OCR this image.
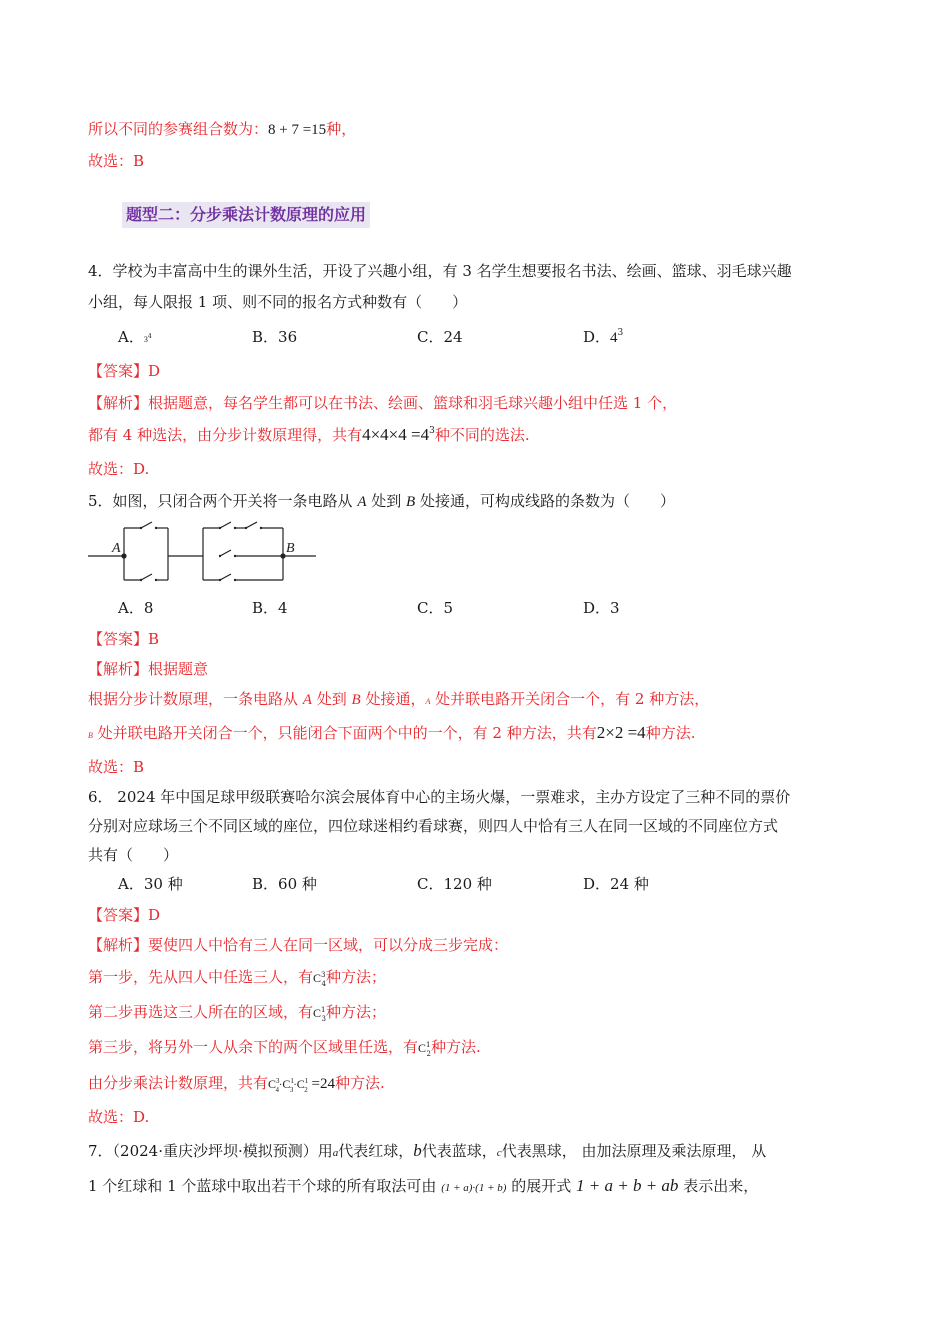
所以不同的参赛组合数为：8 + 7 =15种，
故选：B
题型二：分步乘法计数原理的应用
4．学校为丰富高中生的课外生活，开设了兴趣小组，有 3 名学生想要报名书法、绘画、篮球、羽毛球兴趣
小组，每人限报 1 项、则不同的报名方式种数有（　　）
A．$3^4$	B．36	C．24	D．$4^3$
【答案】D
【解析】根据题意，每名学生都可以在书法、绘画、篮球和羽毛球兴趣小组中任选 1 个，
都有 4 种选法，由分步计数原理得，共有$4\times 4\times 4 =4^3$种不同的选法.
故选：D.
5．如图，只闭合两个开关将一条电路从 A 处到 B 处接通，可构成线路的条数为（　　）
A	B
A．8	B．4	C．5	D．3
【答案】B
【解析】根据题意
根据分步计数原理，一条电路从 A 处到 B 处接通，A 处并联电路开关闭合一个，有 2 种方法，
B 处并联电路开关闭合一个，只能闭合下面两个中的一个，有 2 种方法，共有2×2 =4种方法.
故选：B
6． 2024 年中国足球甲级联赛哈尔滨会展体育中心的主场火爆，一票难求，主办方设定了三种不同的票价
分别对应球场三个不同区域的座位，四位球迷相约看球赛，则四人中恰有三人在同一区域的不同座位方式
共有（　　）
A．30 种	B．60 种	C．120 种	D．24 种
【答案】D
【解析】要使四人中恰有三人在同一区域，可以分成三步完成：
第一步，先从四人中任选三人，有$C^3_4$种方法；
第二步再选这三人所在的区域，有$C^1_3$种方法；
第三步，将另外一人从余下的两个区域里任选，有$C^1_2$种方法.
由分步乘法计数原理，共有$C^3_4\cdot C^1_3\cdot C^1_2 =24$种方法.
故选：D.
7．（2024·重庆沙坪坝·模拟预测）用a代表红球，b代表蓝球，c代表黑球， 由加法原理及乘法原理， 从
1 个红球和 1 个蓝球中取出若干个球的所有取法可由 (1 + a)·(1 + b) 的展开式 1 + a + b + ab 表示出来，
